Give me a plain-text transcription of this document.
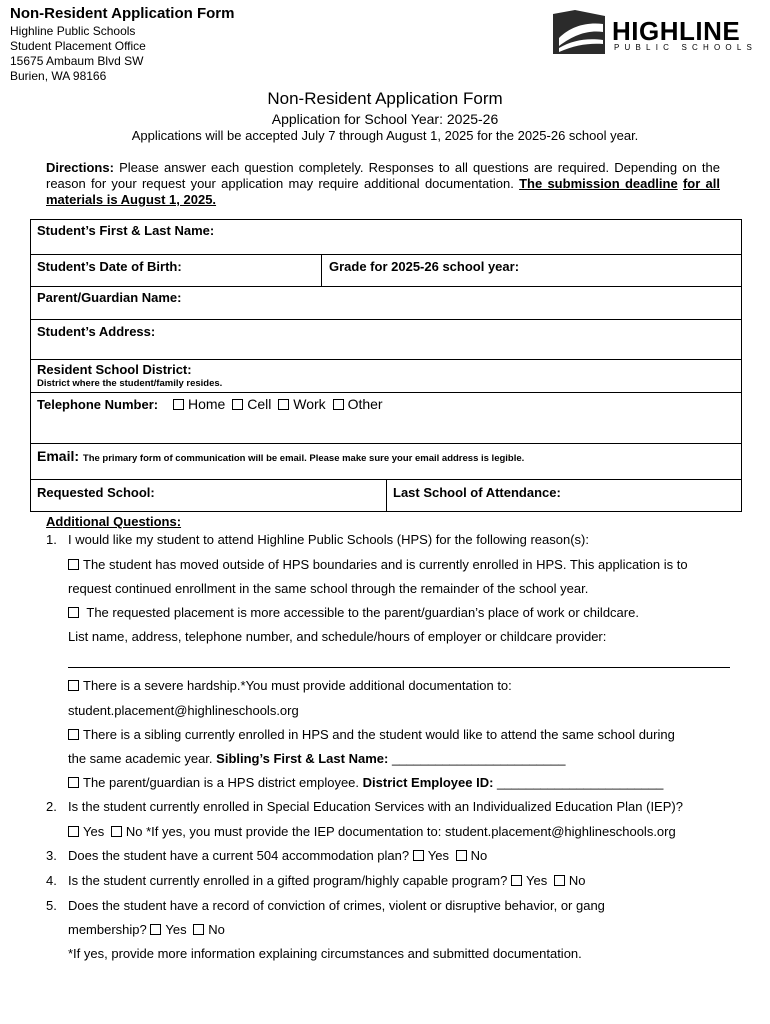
Non-Resident Application Form
Highline Public Schools
Student Placement Office
15675 Ambaum Blvd SW
Burien, WA 98166
HIGHLINE
PUBLIC SCHOOLS
Non-Resident Application Form
Application for School Year: 2025-26
Applications will be accepted July 7 through August 1, 2025 for the 2025-26 school year.
Directions: Please answer each question completely. Responses to all questions are required. Depending on the reason for your request your application may require additional documentation. The submission deadline for all materials is August 1, 2025.
Student’s First & Last Name:
Student’s Date of Birth:	Grade for 2025-26 school year:
Parent/Guardian Name:
Student’s Address:
Resident School District:
District where the student/family resides.
Telephone Number:	Home Cell Work Other
Email: The primary form of communication will be email. Please make sure your email address is legible.
Requested School:	Last School of Attendance:
Additional Questions:
1. I would like my student to attend Highline Public Schools (HPS) for the following reason(s):
The student has moved outside of HPS boundaries and is currently enrolled in HPS. This application is to
request continued enrollment in the same school through the remainder of the school year.
The requested placement is more accessible to the parent/guardian’s place of work or childcare.
List name, address, telephone number, and schedule/hours of employer or childcare provider:
There is a severe hardship.*You must provide additional documentation to:
student.placement@highlineschools.org
There is a sibling currently enrolled in HPS and the student would like to attend the same school during
the same academic year. Sibling’s First & Last Name: ________________________
The parent/guardian is a HPS district employee. District Employee ID: _______________________
2. Is the student currently enrolled in Special Education Services with an Individualized Education Plan (IEP)?
Yes No *If yes, you must provide the IEP documentation to: student.placement@highlineschools.org
3. Does the student have a current 504 accommodation plan? Yes No
4. Is the student currently enrolled in a gifted program/highly capable program? Yes No
5. Does the student have a record of conviction of crimes, violent or disruptive behavior, or gang
membership? Yes No
*If yes, provide more information explaining circumstances and submitted documentation.
